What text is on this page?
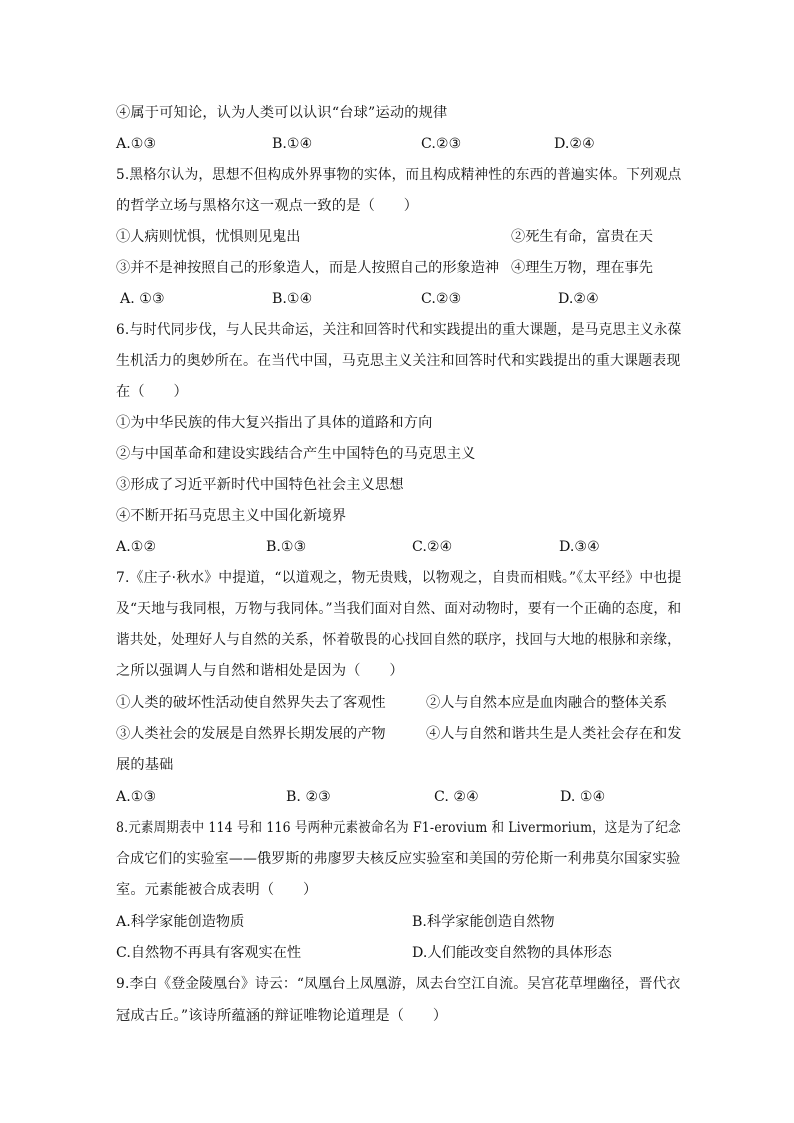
④属于可知论，认为人类可以认识“台球”运动的规律
A.①③	B.①④	C.②③	D.②④
5.黑格尔认为，思想不但构成外界事物的实体，而且构成精神性的东西的普遍实体。下列观点
的哲学立场与黑格尔这一观点一致的是（　　）
①人病则忧惧，忧惧则见鬼出	②死生有命，富贵在天
③并不是神按照自己的形象造人，而是人按照自己的形象造神 ④理生万物，理在事先
A. ①③	B.①④	C.②③	D.②④
6.与时代同步伐，与人民共命运，关注和回答时代和实践提出的重大课题，是马克思主义永葆
生机活力的奥妙所在。在当代中国，马克思主义关注和回答时代和实践提出的重大课题表现
在（　　）
①为中华民族的伟大复兴指出了具体的道路和方向
②与中国革命和建设实践结合产生中国特色的马克思主义
③形成了习近平新时代中国特色社会主义思想
④不断开拓马克思主义中国化新境界
A.①②	B.①③	C.②④	D.③④
7.《庄子·秋水》中提道，“以道观之，物无贵贱，以物观之，自贵而相贱。”《太平经》中也提
及“天地与我同根，万物与我同体。”当我们面对自然、面对动物时，要有一个正确的态度，和
谐共处，处理好人与自然的关系，怀着敬畏的心找回自然的联序，找回与大地的根脉和亲缘，
之所以强调人与自然和谐相处是因为（　　）
①人类的破坏性活动使自然界失去了客观性	②人与自然本应是血肉融合的整体关系
③人类社会的发展是自然界长期发展的产物	④人与自然和谐共生是人类社会存在和发
展的基础
A.①③	B. ②③	C. ②④	D. ①④
8.元素周期表中 114 号和 116 号两种元素被命名为 F1-erovium 和 Livermorium，这是为了纪念
合成它们的实验室——俄罗斯的弗廖罗夫核反应实验室和美国的劳伦斯一利弗莫尔国家实验
室。元素能被合成表明（　　）
A.科学家能创造物质	B.科学家能创造自然物
C.自然物不再具有客观实在性	D.人们能改变自然物的具体形态
9.李白《登金陵凰台》诗云：“凤凰台上凤凰游，凤去台空江自流。吴宫花草埋幽径，晋代衣
冠成古丘。”该诗所蕴涵的辩证唯物论道理是（　　）
